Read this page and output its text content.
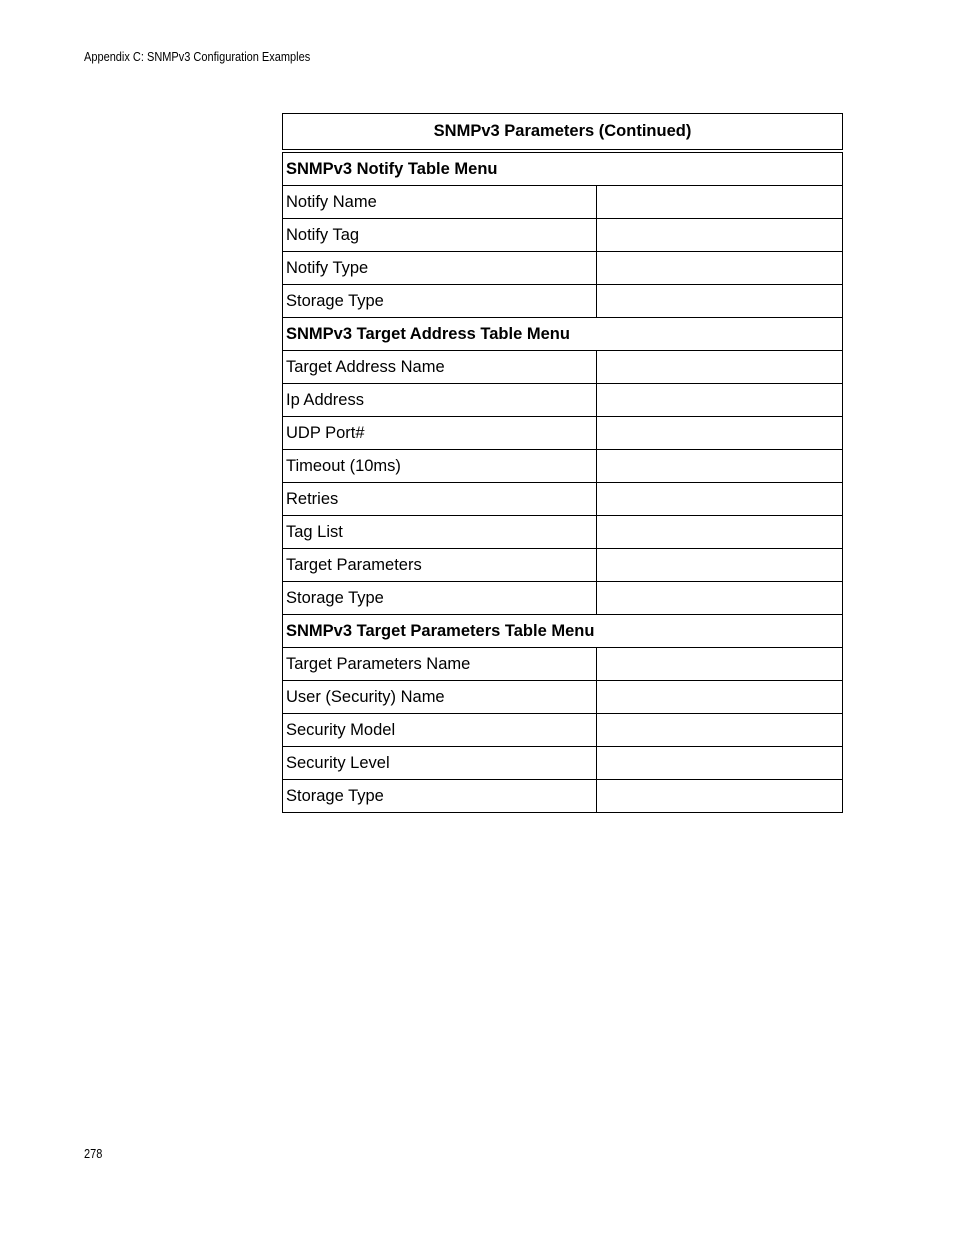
Appendix C: SNMPv3 Configuration Examples
SNMPv3 Parameters (Continued)	
SNMPv3 Notify Table Menu	
Notify Name	
Notify Tag	
Notify Type	
Storage Type	
SNMPv3 Target Address Table Menu	
Target Address Name	
Ip Address	
UDP Port#	
Timeout (10ms)	
Retries	
Tag List	
Target Parameters	
Storage Type	
SNMPv3 Target Parameters Table Menu	
Target Parameters Name	
User (Security) Name	
Security Model	
Security Level	
Storage Type	
278
